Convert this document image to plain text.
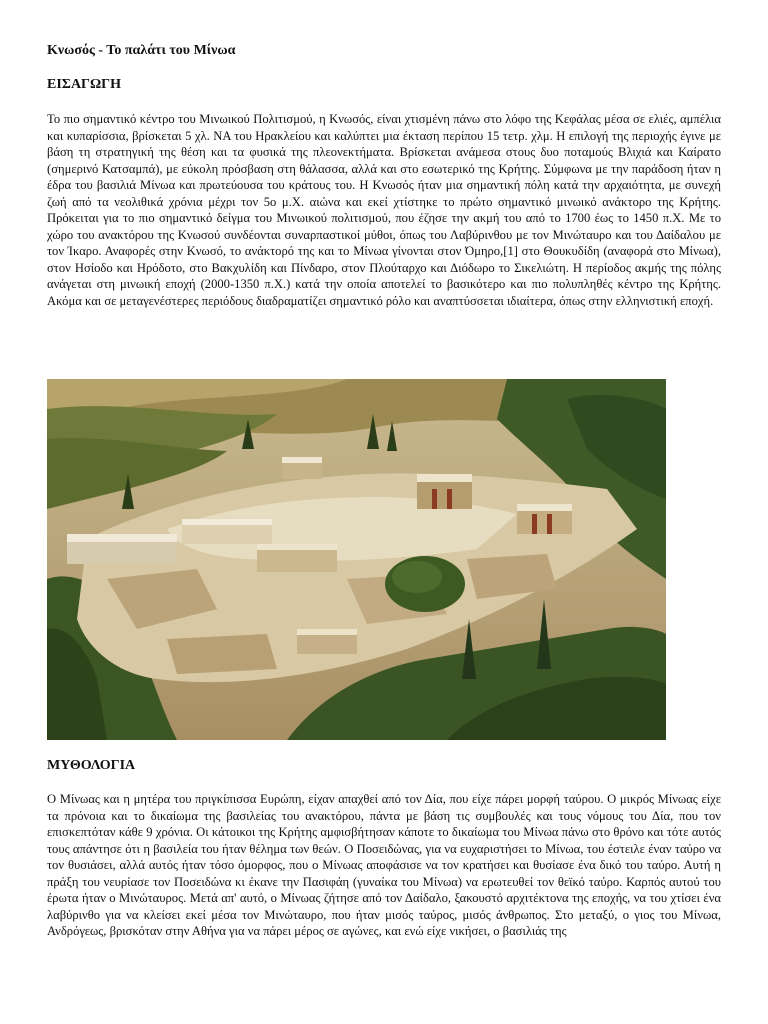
Κνωσός - Το παλάτι του Μίνωα
ΕΙΣΑΓΩΓΗ

Το πιο σημαντικό κέντρο του Μινωικού Πολιτισμού, η Κνωσός, είναι χτισμένη πάνω στο λόφο της Κεφάλας μέσα σε ελιές, αμπέλια και κυπαρίσσια, βρίσκεται 5 χλ. ΝΑ του Ηρακλείου και καλύπτει μια έκταση περίπου 15 τετρ. χλμ. Η επιλογή της περιοχής έγινε με βάση τη στρατηγική της θέση και τα φυσικά της πλεονεκτήματα. Βρίσκεται ανάμεσα στους δυο ποταμούς Βλιχιά και Καίρατο (σημερινό Κατσαμπά), με εύκολη πρόσβαση στη θάλασσα, αλλά και στο εσωτερικό της Κρήτης. Σύμφωνα με την παράδοση ήταν η έδρα του βασιλιά Μίνωα και πρωτεύουσα του κράτους του. Η Κνωσός ήταν μια σημαντική πόλη κατά την αρχαιότητα, με συνεχή ζωή από τα νεολιθικά χρόνια μέχρι τον 5ο μ.Χ. αιώνα και εκεί χτίστηκε το πρώτο σημαντικό μινωικό ανάκτορο της Κρήτης. Πρόκειται για το πιο σημαντικό δείγμα του Μινωικού πολιτισμού, που έζησε την ακμή του από το 1700 έως το 1450 π.Χ. Με το χώρο του ανακτόρου της Κνωσού συνδέονται συναρπαστικοί μύθοι, όπως του Λαβύρινθου με τον Μινώταυρο και του Δαίδαλου με τον Ίκαρο. Αναφορές στην Κνωσό, το ανάκτορό της και το Μίνωα γίνονται στον Όμηρο,[1] στο Θουκυδίδη (αναφορά στο Μίνωα), στον Ησίοδο και Ηρόδοτο, στο Βακχυλίδη και Πίνδαρο, στον Πλούταρχο και Διόδωρο το Σικελιώτη. Η περίοδος ακμής της πόλης ανάγεται στη μινωική εποχή (2000-1350 π.Χ.) κατά την οποία αποτελεί το βασικότερο και πιο πολυπληθές κέντρο της Κρήτης. Ακόμα και σε μεταγενέστερες περιόδους διαδραματίζει σημαντικό ρόλο και αναπτύσσεται ιδιαίτερα, όπως στην ελληνιστική εποχή.

ΜΥΘΟΛΟΓΙΑ

Ο Μίνωας και η μητέρα του πριγκίπισσα Ευρώπη, είχαν απαχθεί από τον Δία, που είχε πάρει μορφή ταύρου. Ο μικρός Μίνωας είχε τα πρόνοια και το δικαίωμα της βασιλείας του ανακτόρου, πάντα με βάση τις συμβουλές και τους νόμους του Δία, που τον επισκεπτόταν κάθε 9 χρόνια. Οι κάτοικοι της Κρήτης αμφισβήτησαν κάποτε το δικαίωμα του Μίνωα πάνω στο θρόνο και τότε αυτός τους απάντησε ότι η βασιλεία του ήταν θέλημα των θεών. Ο Ποσειδώνας, για να ευχαριστήσει το Μίνωα, του έστειλε έναν ταύρο να τον θυσιάσει, αλλά αυτός ήταν τόσο όμορφος, που ο Μίνωας αποφάσισε να τον κρατήσει και θυσίασε ένα δικό του ταύρο. Αυτή η πράξη του νευρίασε τον Ποσειδώνα κι έκανε την Πασιφάη (γυναίκα του Μίνωα) να ερωτευθεί τον θεϊκό ταύρο. Καρπός αυτού του έρωτα ήταν ο Μινώταυρος. Μετά απ' αυτό, ο Μίνωας ζήτησε από τον Δαίδαλο, ξακουστό αρχιτέκτονα της εποχής, να του χτίσει ένα λαβύρινθο για να κλείσει εκεί μέσα τον Μινώταυρο, που ήταν μισός ταύρος, μισός άνθρωπος. Στο μεταξύ, ο γιος του Μίνωα, Ανδρόγεως, βρισκόταν στην Αθήνα για να πάρει μέρος σε αγώνες, και ενώ είχε νικήσει, ο βασιλιάς της
